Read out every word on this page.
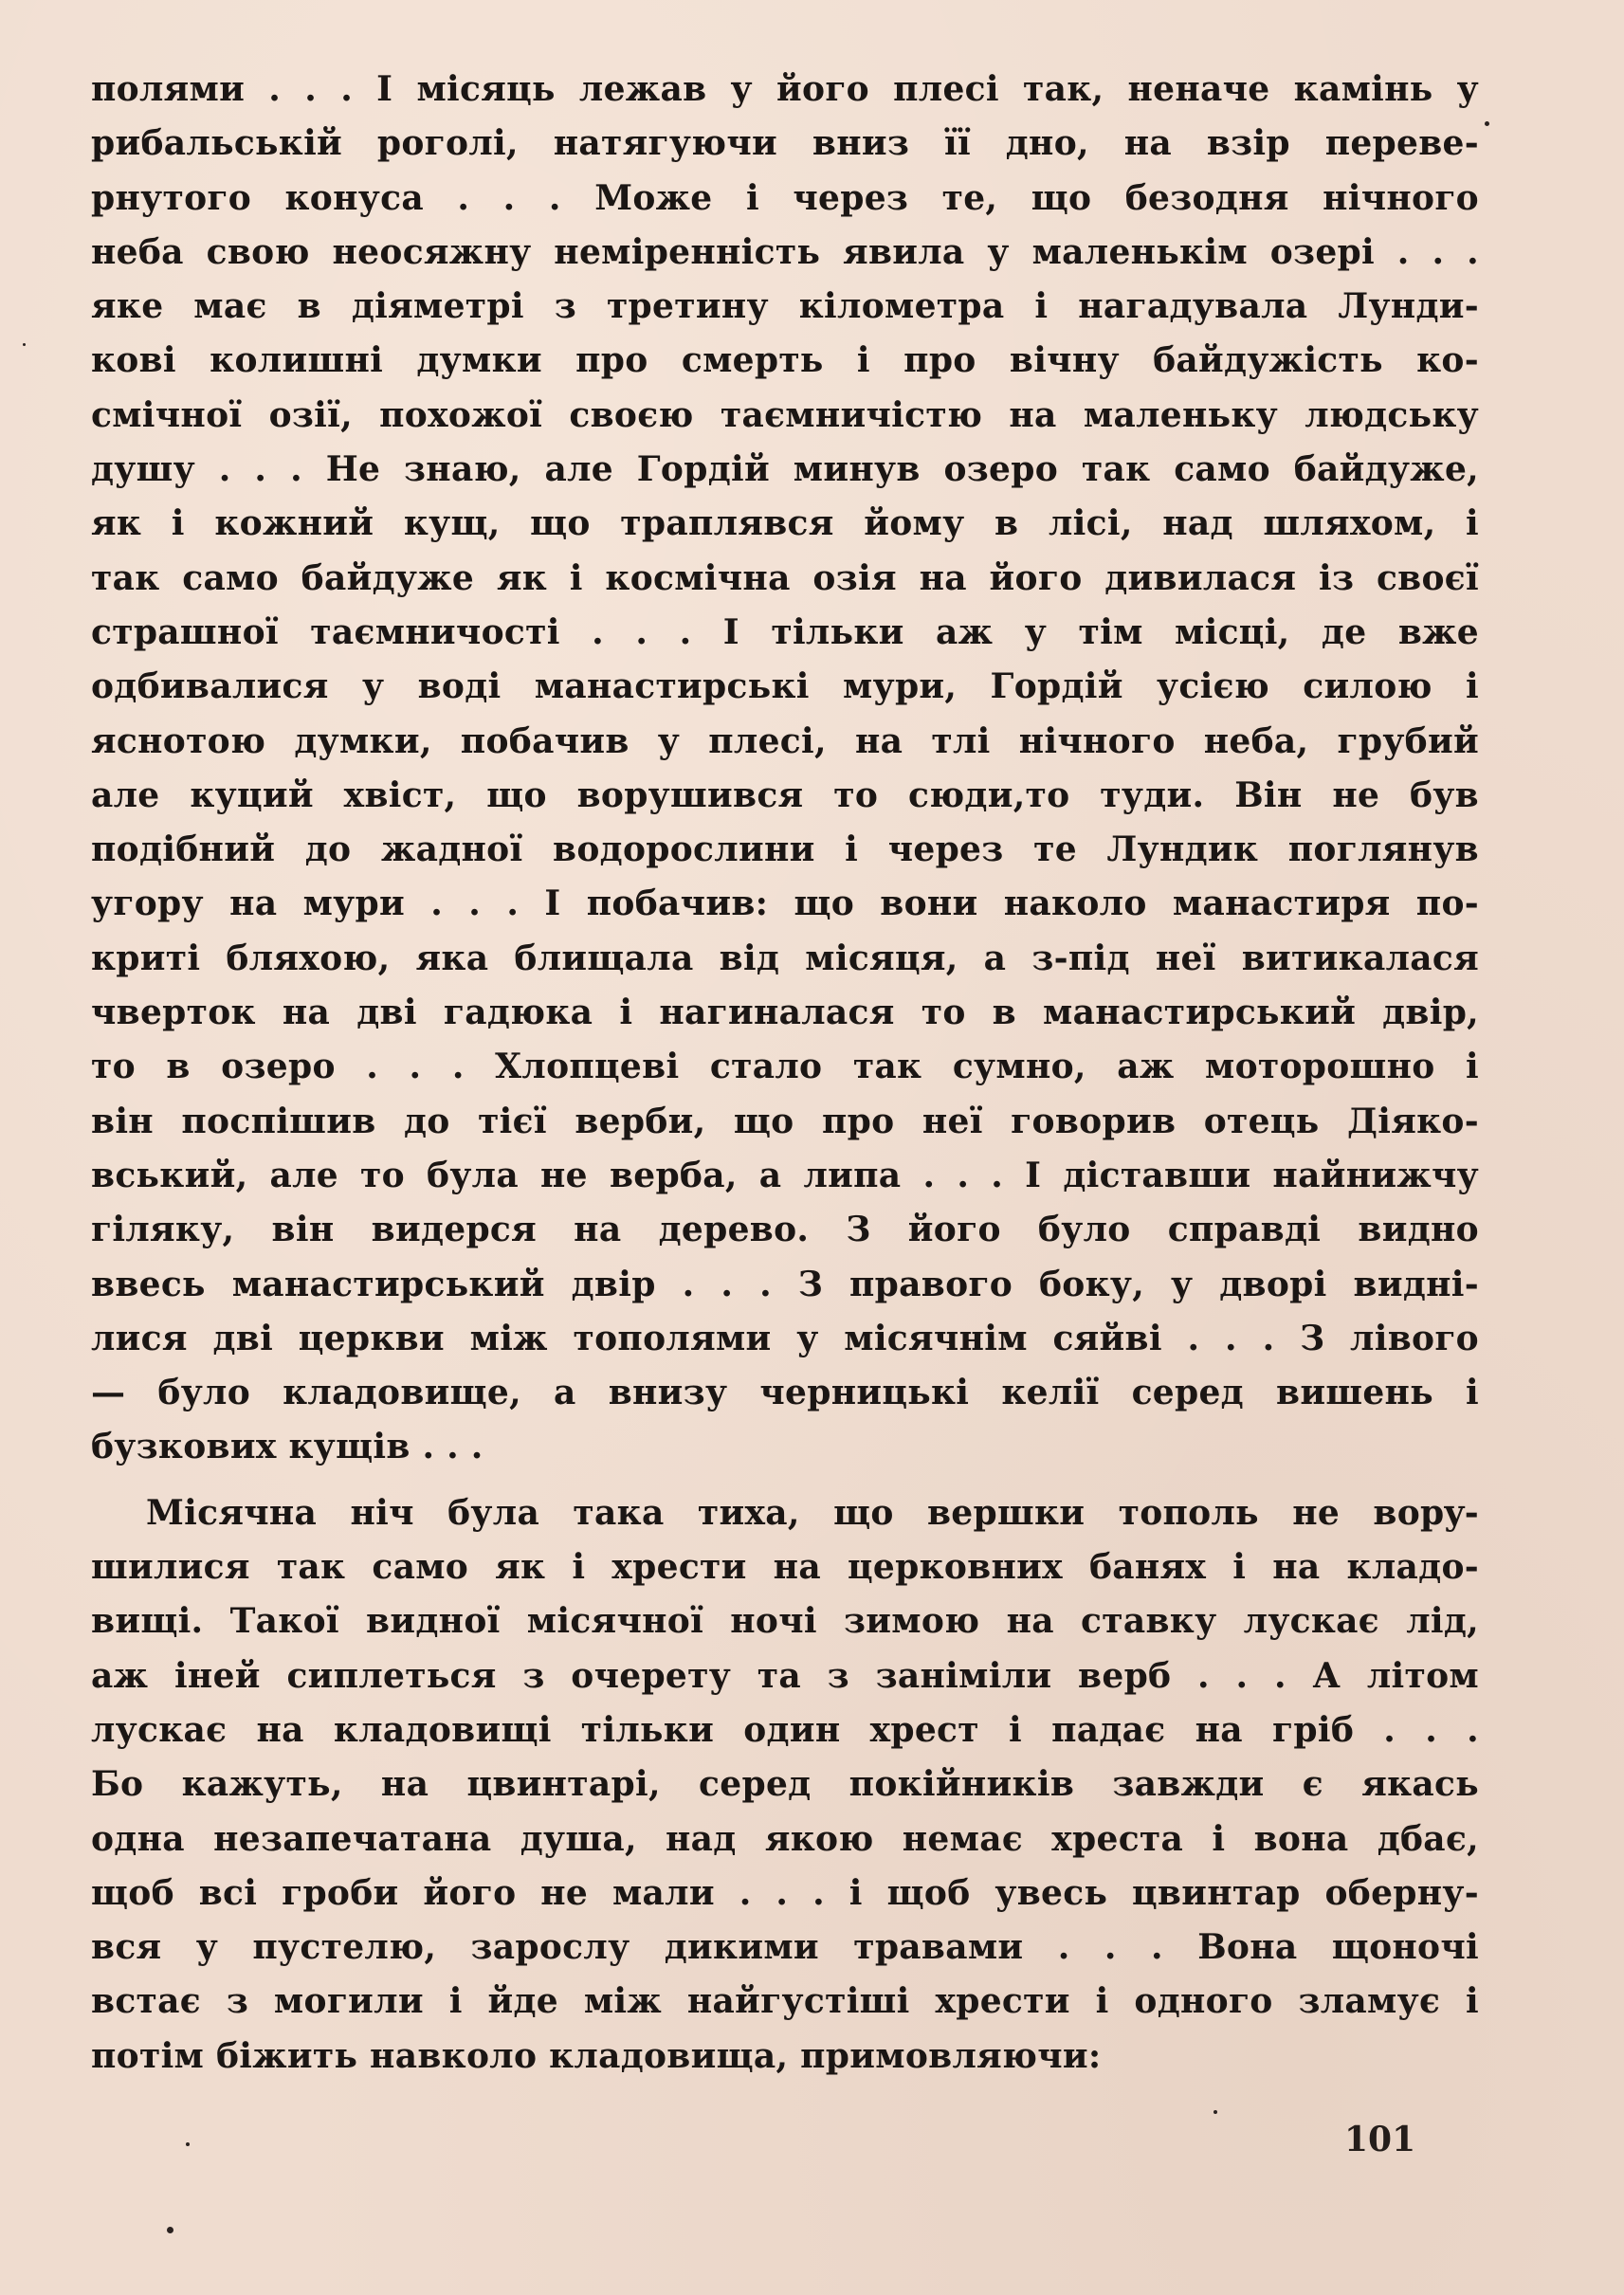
полями . . . І місяць лежав у його плесі так, неначе камінь у
рибальській роголі, натягуючи вниз її дно, на взір переве-
рнутого конуса . . . Може і через те, що безодня нічного
неба свою неосяжну неміренність явила у маленькім озері . . .
яке має в діяметрі з третину кілометра і нагадувала Лунди-
кові колишні думки про смерть і про вічну байдужість ко-
смічної озії, похожої своєю таємничістю на маленьку людську
душу . . . Не знаю, але Гордій минув озеро так само байдуже,
як і кожний кущ, що траплявся йому в лісі, над шляхом, і
так само байдуже як і космічна озія на його дивилася із своєї
страшної таємничості . . . І тільки аж у тім місці, де вже
одбивалися у воді манастирські мури, Гордій усією силою і
яснотою думки, побачив у плесі, на тлі нічного неба, грубий
але куций хвіст, що ворушився то сюди,то туди. Він не був
подібний до жадної водорослини і через те Лундик поглянув
угору на мури . . . І побачив: що вони наколо манастиря по-
криті бляхою, яка блищала від місяця, а з-під неї витикалася
чверток на дві гадюка і нагиналася то в манастирський двір,
то в озеро . . . Хлопцеві стало так сумно, аж моторошно і
він поспішив до тієї верби, що про неї говорив отець Діяко-
вський, але то була не верба, а липа . . . І діставши найнижчу
гіляку, він видерся на дерево. З його було справді видно
ввесь манастирський двір . . . З правого боку, у дворі видні-
лися дві церкви між тополями у місячнім сяйві . . . З лівого
— було кладовище, а внизу черницькі келії серед вишень і
бузкових кущів . . .
Місячна ніч була така тиха, що вершки тополь не ворy-
шилися так само як і хрести на церковних банях і на кладо-
вищі. Такої видної місячної ночі зимою на ставку лускає лід,
аж іней сиплеться з очерету та з заніміли верб . . . А літом
лускає на кладовищі тільки один хрест і падає на гріб . . .
Бо кажуть, на цвинтарі, серед покійників завжди є якась
одна незапечатана душа, над якою немає хреста і вона дбає,
щоб всі гроби його не мали . . . і щоб увесь цвинтар оберну-
вся у пустелю, зарослу дикими травами . . . Вона щоночі
встає з могили і йде між найгустіші хрести і одного зламує і
потім біжить навколо кладовища, примовляючи:
101
